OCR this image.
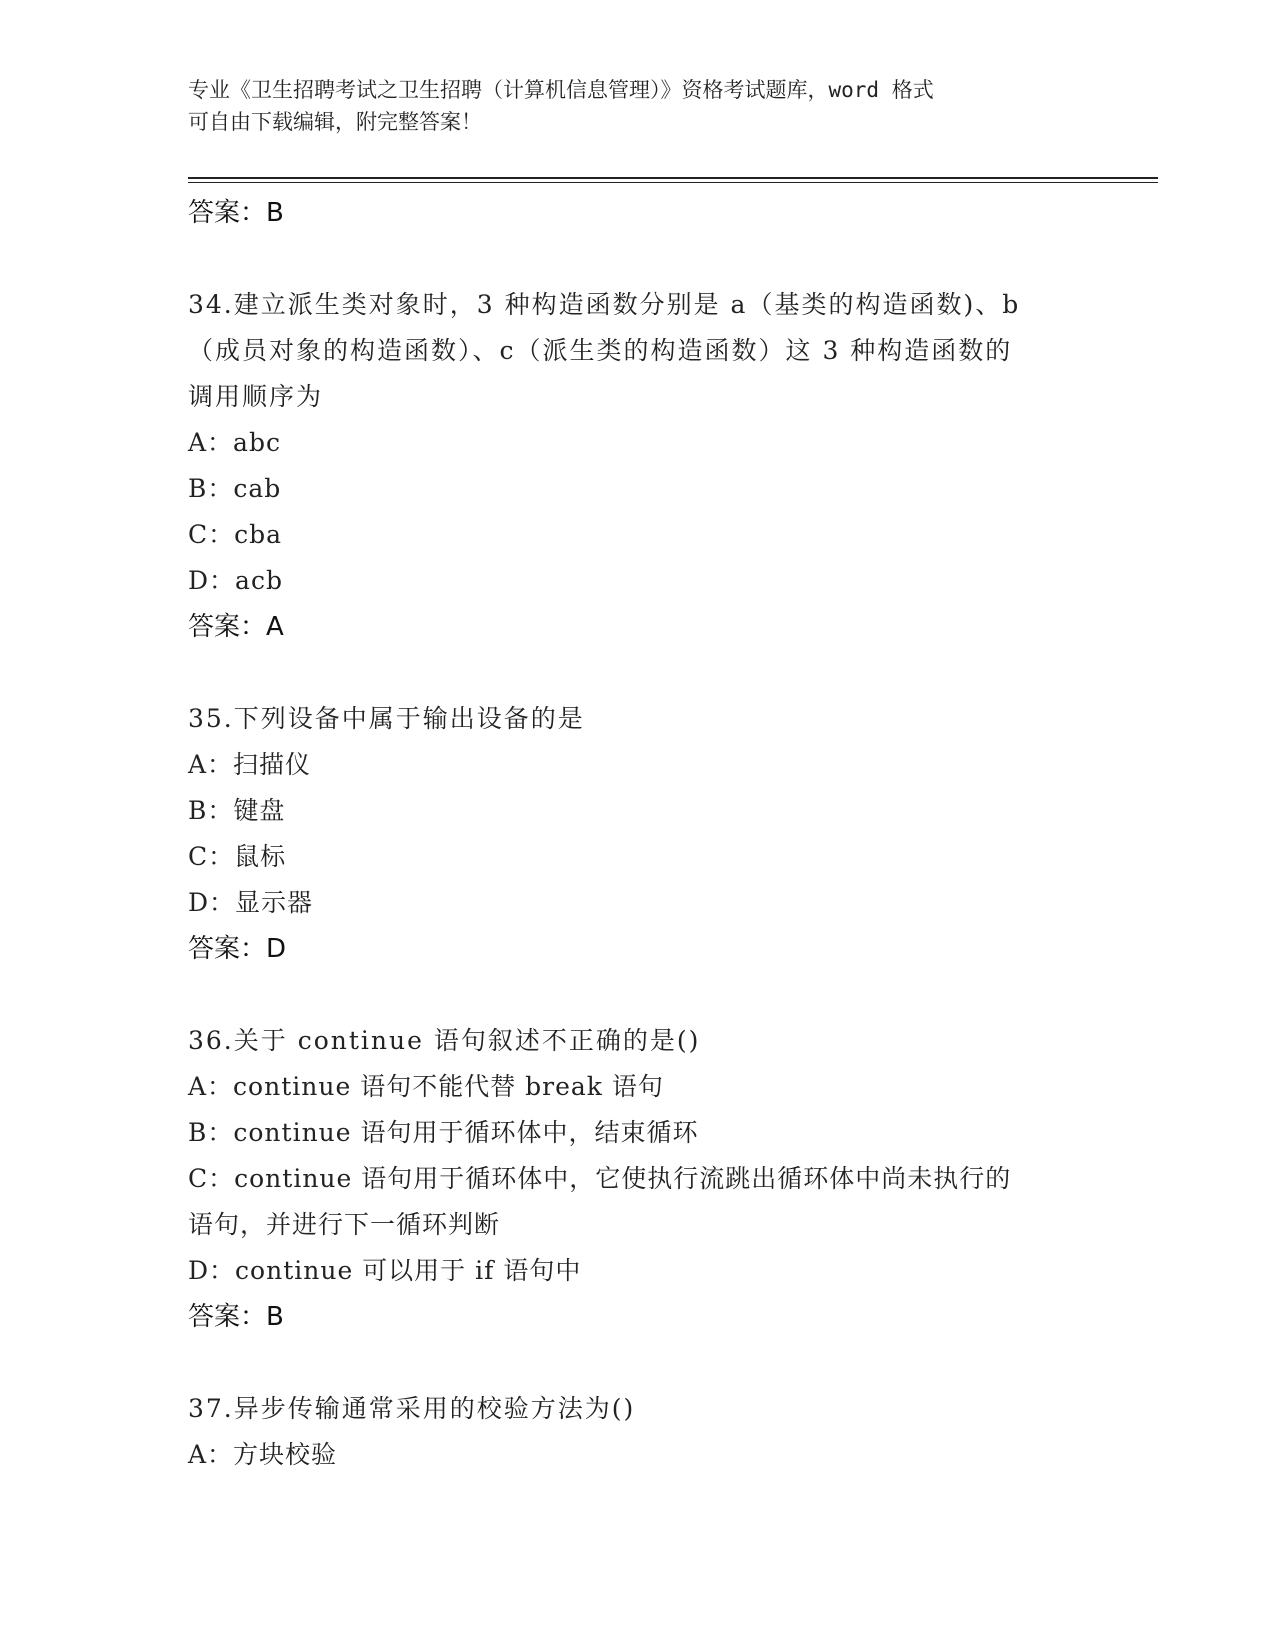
专业《卫生招聘考试之卫生招聘（计算机信息管理）》资格考试题库，word 格式
可自由下载编辑，附完整答案！
答案：B
34.建立派生类对象时，3 种构造函数分别是 a（基类的构造函数)、b
（成员对象的构造函数）、c（派生类的构造函数）这 3 种构造函数的
调用顺序为
A：abc
B：cab
C：cba
D：acb
答案：A
35.下列设备中属于输出设备的是
A：扫描仪
B：键盘
C：鼠标
D：显示器
答案：D
36.关于 continue 语句叙述不正确的是()
A：continue 语句不能代替 break 语句
B：continue 语句用于循环体中，结束循环
C：continue 语句用于循环体中，它使执行流跳出循环体中尚未执行的
语句，并进行下一循环判断
D：continue 可以用于 if 语句中
答案：B
37.异步传输通常采用的校验方法为()
A：方块校验
